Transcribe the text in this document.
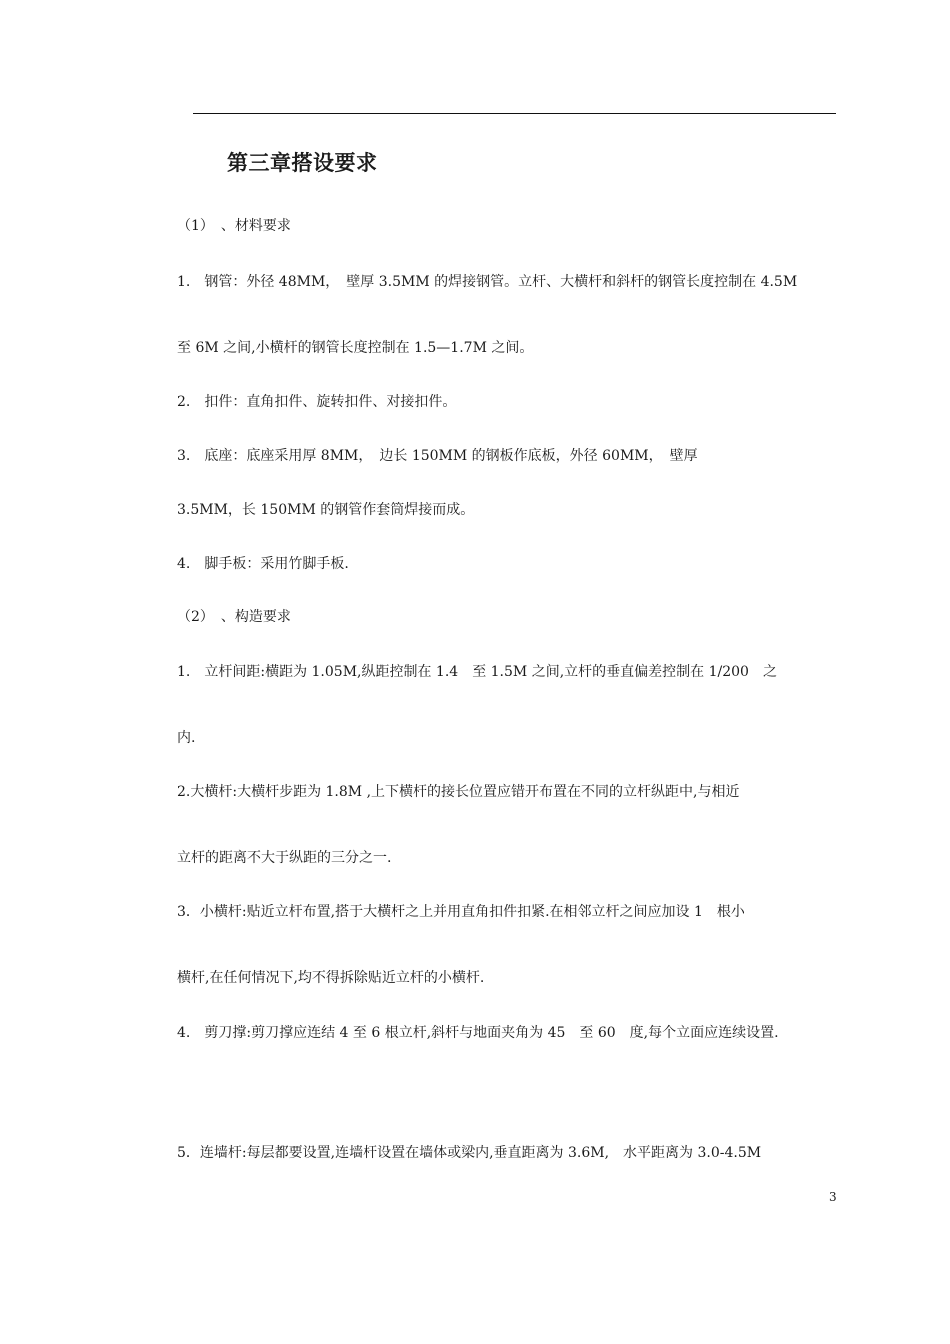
第三章搭设要求
（1）　、材料要求
1.　钢管：外径 48MM，　壁厚 3.5MM 的焊接钢管。立杆、大横杆和斜杆的钢管长度控制在 4.5M
至 6M 之间,小横杆的钢管长度控制在 1.5—1.7M 之间。
2.　扣件：直角扣件、旋转扣件、对接扣件。
3.　底座：底座采用厚 8MM，　边长 150MM 的钢板作底板，外径 60MM，　壁厚
3.5MM，长 150MM 的钢管作套筒焊接而成。
4.　脚手板：采用竹脚手板.
（2）　、构造要求
1.　立杆间距:横距为 1.05M,纵距控制在 1.4　至 1.5M 之间,立杆的垂直偏差控制在 1/200　之
内.
2.大横杆:大横杆步距为 1.8M ,上下横杆的接长位置应错开布置在不同的立杆纵距中,与相近
立杆的距离不大于纵距的三分之一.
3．小横杆:贴近立杆布置,搭于大横杆之上并用直角扣件扣紧.在相邻立杆之间应加设 1　根小
横杆,在任何情况下,均不得拆除贴近立杆的小横杆.
4.　剪刀撑:剪刀撑应连结 4 至 6 根立杆,斜杆与地面夹角为 45　至 60　度,每个立面应连续设置.
5．连墙杆:每层都要设置,连墙杆设置在墙体或梁内,垂直距离为 3.6M,　水平距离为 3.0-4.5M
3
